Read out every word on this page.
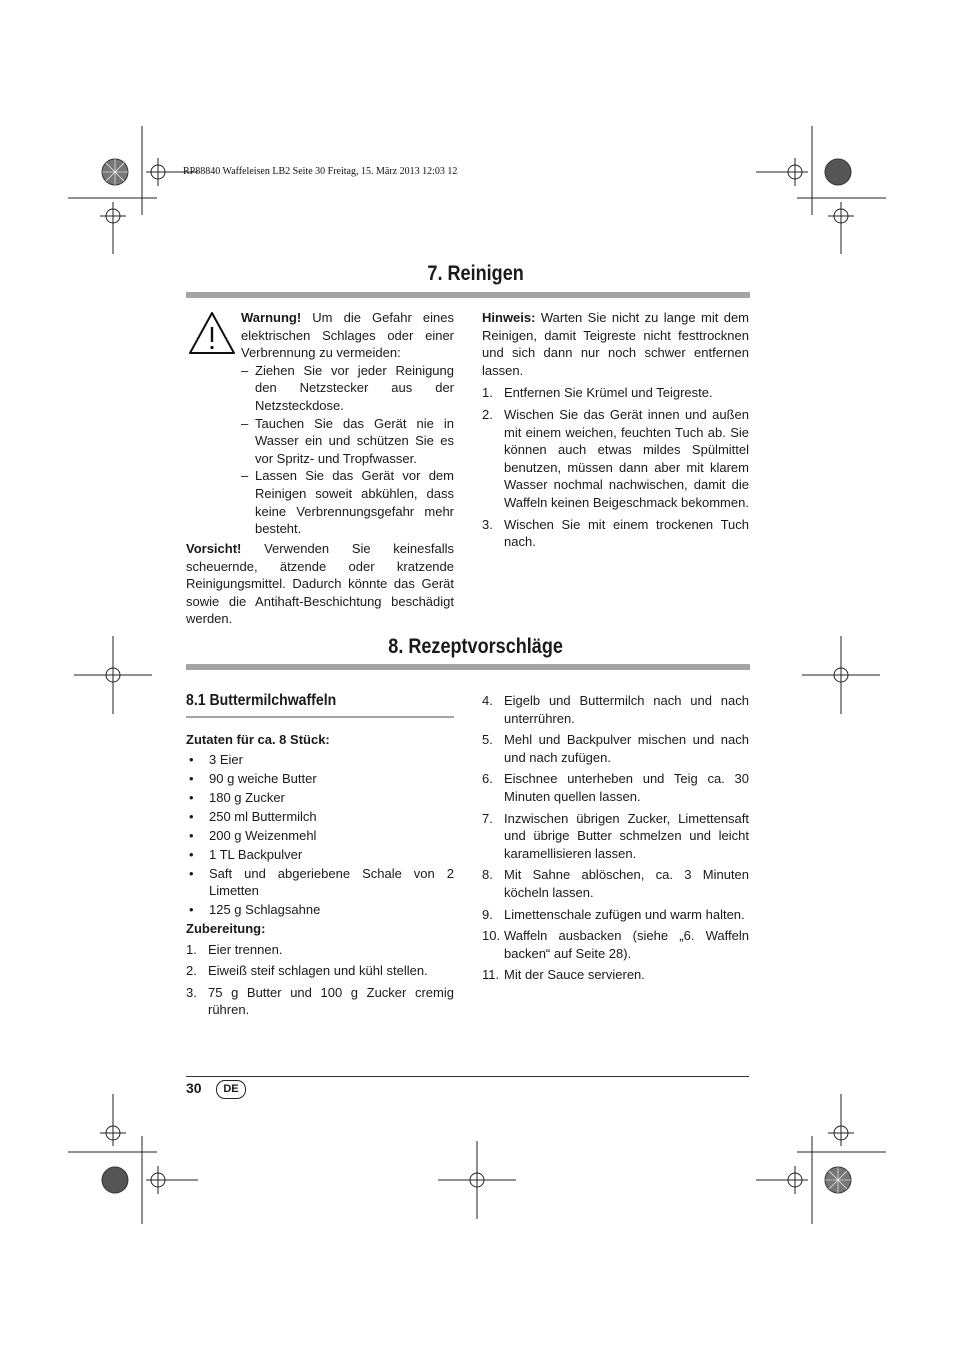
RP88840 Waffeleisen LB2 Seite 30 Freitag, 15. März 2013 12:03 12
7. Reinigen

Warnung! Um die Gefahr eines elektrischen Schlages oder einer Verbrennung zu vermeiden:

– Ziehen Sie vor jeder Reinigung den Netzstecker aus der Netzsteckdose.
– Tauchen Sie das Gerät nie in Wasser ein und schützen Sie es vor Spritz- und Tropfwasser.
– Lassen Sie das Gerät vor dem Reinigen soweit abkühlen, dass keine Verbrennungsgefahr mehr besteht.

Vorsicht! Verwenden Sie keinesfalls scheuernde, ätzende oder kratzende Reinigungsmittel. Dadurch könnte das Gerät sowie die Antihaft-Beschichtung beschädigt werden.

Hinweis: Warten Sie nicht zu lange mit dem Reinigen, damit Teigreste nicht festtrocknen und sich dann nur noch schwer entfernen lassen.

1. Entfernen Sie Krümel und Teigreste.
2. Wischen Sie das Gerät innen und außen mit einem weichen, feuchten Tuch ab. Sie können auch etwas mildes Spülmittel benutzen, müssen dann aber mit klarem Wasser nochmal nachwischen, damit die Waffeln keinen Beigeschmack bekommen.
3. Wischen Sie mit einem trockenen Tuch nach.
8. Rezeptvorschläge
8.1 Buttermilchwaffeln

Zutaten für ca. 8 Stück:

• 3 Eier
• 90 g weiche Butter
• 180 g Zucker
• 250 ml Buttermilch
• 200 g Weizenmehl
• 1 TL Backpulver
• Saft und abgeriebene Schale von 2 Limetten
• 125 g Schlagsahne

Zubereitung:

1. Eier trennen.
2. Eiweiß steif schlagen und kühl stellen.
3. 75 g Butter und 100 g Zucker cremig rühren.
4. Eigelb und Buttermilch nach und nach unterrühren.
5. Mehl und Backpulver mischen und nach und nach zufügen.
6. Eischnee unterheben und Teig ca. 30 Minuten quellen lassen.
7. Inzwischen übrigen Zucker, Limettensaft und übrige Butter schmelzen und leicht karamellisieren lassen.
8. Mit Sahne ablöschen, ca. 3 Minuten köcheln lassen.
9. Limettenschale zufügen und warm halten.
10. Waffeln ausbacken (siehe „6. Waffeln backen“ auf Seite 28).
11. Mit der Sauce servieren.
30	DE
